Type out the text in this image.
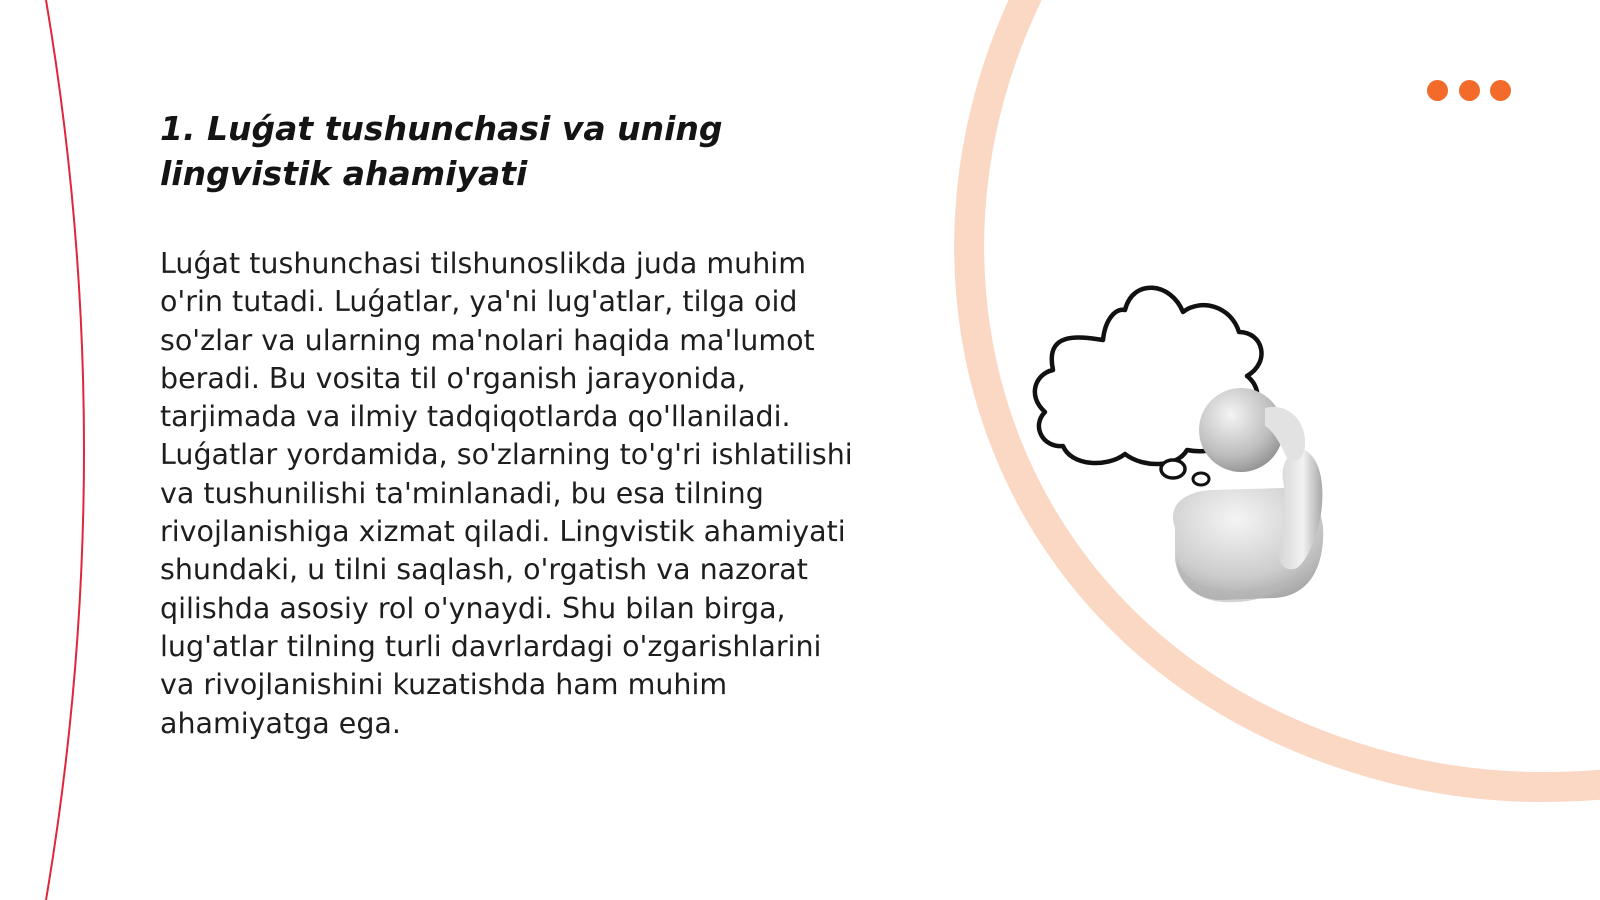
1. Luǵat tushunchasi va uning lingvistik ahamiyati

Luǵat tushunchasi tilshunoslikda juda muhim o'rin tutadi. Luǵatlar, ya'ni lug'atlar, tilga oid so'zlar va ularning ma'nolari haqida ma'lumot beradi. Bu vosita til o'rganish jarayonida, tarjimada va ilmiy tadqiqotlarda qo'llaniladi. Luǵatlar yordamida, so'zlarning to'g'ri ishlatilishi va tushunilishi ta'minlanadi, bu esa tilning rivojlanishiga xizmat qiladi. Lingvistik ahamiyati shundaki, u tilni saqlash, o'rgatish va nazorat qilishda asosiy rol o'ynaydi. Shu bilan birga, lug'atlar tilning turli davrlardagi o'zgarishlarini va rivojlanishini kuzatishda ham muhim ahamiyatga ega.
